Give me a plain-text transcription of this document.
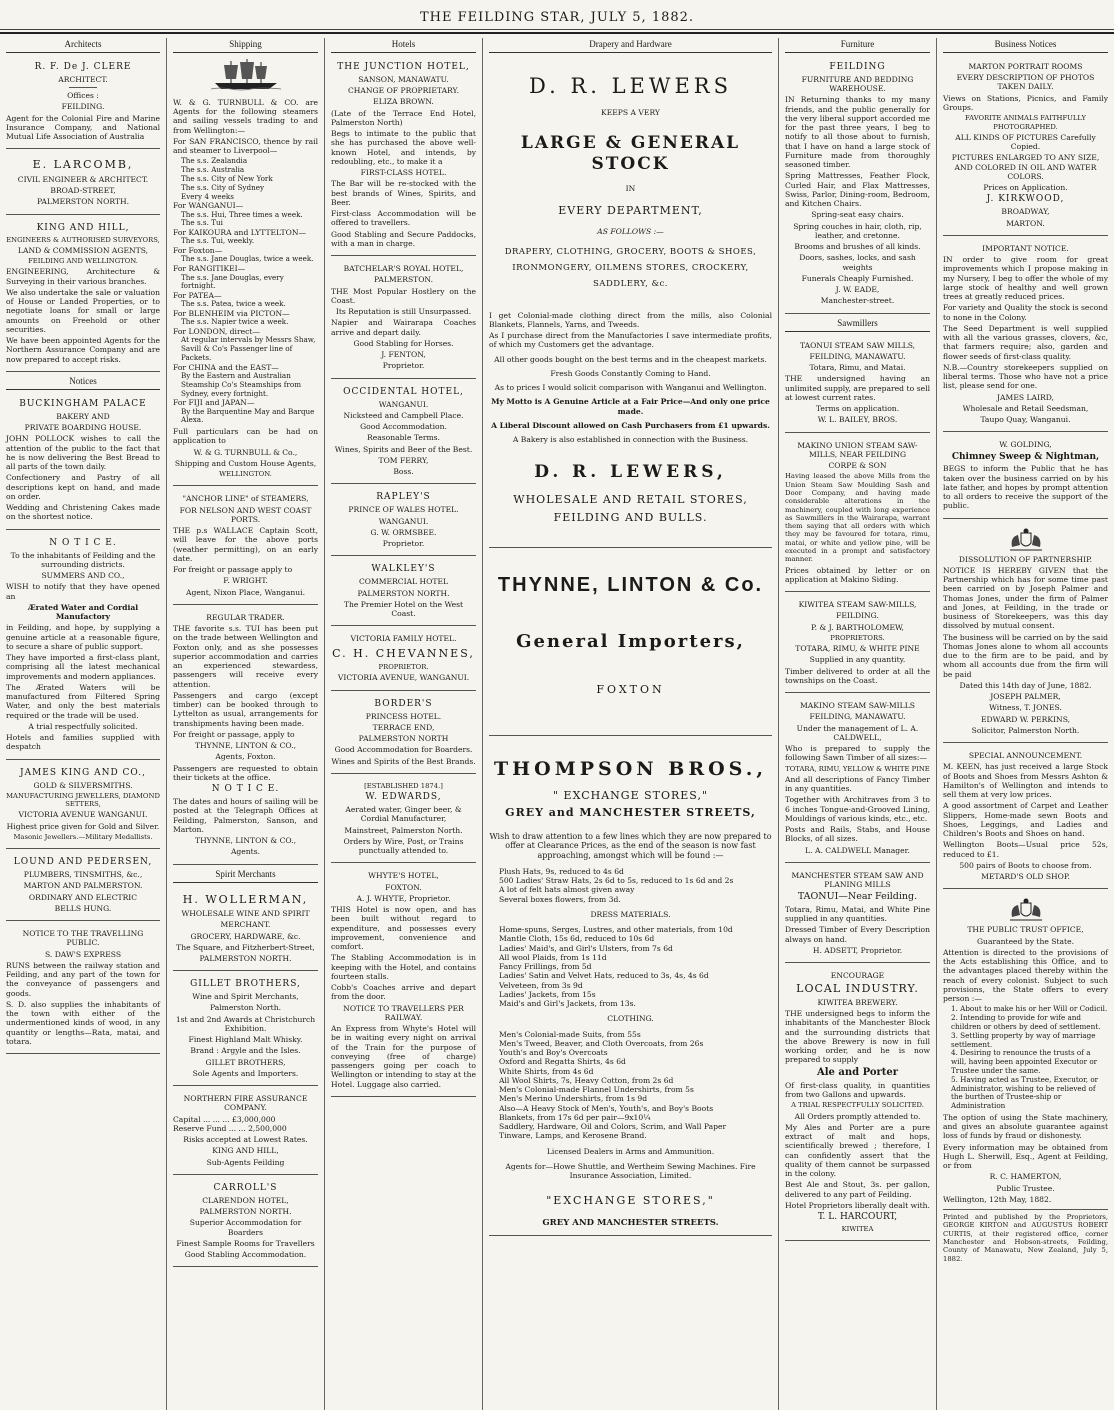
THE FEILDING STAR, JULY 5, 1882.
Architects
R. F. De J. CLERE
ARCHITECT.
Offices :
FEILDING.

Agent for the Colonial Fire and Marine Insurance Company, and National Mutual Life Association of Australia

E. LARCOMB,
CIVIL ENGINEER & ARCHITECT.
BROAD-STREET,
PALMERSTON NORTH.
KING AND HILL,
ENGINEERS & AUTHORISED SURVEYORS,
LAND & COMMISSION AGENTS,
FEILDING AND WELLINGTON.

ENGINEERING, Architecture & Surveying in their various branches.

We also undertake the sale or valuation of House or Landed Properties, or to negotiate loans for small or large amounts on Freehold or other securities.

We have been appointed Agents for the Northern Assurance Company and are now prepared to accept risks.

Notices
BUCKINGHAM PALACE
BAKERY AND
PRIVATE BOARDING HOUSE.

JOHN POLLOCK wishes to call the attention of the public to the fact that he is now delivering the Best Bread to all parts of the town daily.

Confectionery and Pastry of all descriptions kept on hand, and made on order.

Wedding and Christening Cakes made on the shortest notice.

N O T I C E.
To the inhabitants of Feilding and the surrounding districts.
SUMMERS AND CO.,

WISH to notify that they have opened an

Ærated Water and Cordial Manufactory

in Feilding, and hope, by supplying a genuine article at a reasonable figure, to secure a share of public support.

They have imported a first-class plant, comprising all the latest mechanical improvements and modern appliances.

The Ærated Waters will be manufactured from Filtered Spring Water, and only the best materials required or the trade will be used.

A trial respectfully solicited.

Hotels and families supplied with despatch

JAMES KING AND CO.,
GOLD & SILVERSMITHS.
MANUFACTURING JEWELLERS, DIAMOND SETTERS,
VICTORIA AVENUE WANGANUI.
Highest price given for Gold and Silver.
Masonic Jewellers.—Military Medallists.
LOUND AND PEDERSEN,
PLUMBERS, TINSMITHS, &c.,
MARTON AND PALMERSTON.
ORDINARY AND ELECTRIC
BELLS HUNG.
NOTICE TO THE TRAVELLING PUBLIC.
S. DAW'S EXPRESS

RUNS between the railway station and Feilding, and any part of the town for the conveyance of passengers and goods.

S. D. also supplies the inhabitants of the town with either of the undermentioned kinds of wood, in any quantity or lengths—Rata, matai, and totara.

Shipping

W. & G. TURNBULL & CO. are Agents for the following steamers and sailing vessels trading to and from Wellington:—

For SAN FRANCISCO, thence by rail and steamer to Liverpool—

The s.s. Zealandia
The s.s. Australia
The s.s. City of New York
The s.s. City of Sydney
Every 4 weeks
For WANGANUI—
The s.s. Hui, Three times a week.
The s.s. Tui
For KAIKOURA and LYTTELTON—
The s.s. Tui, weekly.
For Foxton—
The s.s. Jane Douglas, twice a week.
For RANGITIKEI—
The s.s. Jane Douglas, every fortnight.
For PATEA—
The s.s. Patea, twice a week.
For BLENHEIM via PICTON—
The s.s. Napier twice a week.
For LONDON, direct—
At regular intervals by Messrs Shaw, Savill & Co's Passenger line of Packets.
For CHINA and the EAST—
By the Eastern and Australian Steamship Co's Steamships from Sydney, every fortnight.
For FIJI and JAPAN—
By the Barquentine May and Barque Alexa.

Full particulars can be had on application to

W. & G. TURNBULL & Co.,
Shipping and Custom House Agents,
WELLINGTON.
"ANCHOR LINE" of STEAMERS,
FOR NELSON AND WEST COAST PORTS.

THE p.s WALLACE Captain Scott, will leave for the above ports (weather permitting), on an early date.

For freight or passage apply to

F. WRIGHT.
Agent, Nixon Place, Wanganui.
REGULAR TRADER.

THE favorite s.s. TUI has been put on the trade between Wellington and Foxton only, and as she possesses superior accommodation and carries an experienced stewardess, passengers will receive every attention.

Passengers and cargo (except timber) can be booked through to Lyttelton as usual, arrangements for transhipments having been made.

For freight or passage, apply to

THYNNE, LINTON & CO.,
Agents, Foxton.

Passengers are requested to obtain their tickets at the office.

N O T I C E.

The dates and hours of sailing will be posted at the Telegraph Offices at Feilding, Palmerston, Sanson, and Marton.

THYNNE, LINTON & CO.,
Agents.
Spirit Merchants
H. WOLLERMAN,
WHOLESALE WINE AND SPIRIT
MERCHANT.
GROCERY, HARDWARE, &c.
The Square, and Fitzherbert-Street,
PALMERSTON NORTH.
GILLET BROTHERS,
Wine and Spirit Merchants,
Palmerston North.
1st and 2nd Awards at Christchurch Exhibition.
Finest Highland Malt Whisky.
Brand : Argyle and the Isles.
GILLET BROTHERS,
Sole Agents and Importers.
NORTHERN FIRE ASSURANCE COMPANY.
Capital ... ... ... £3,000,000
Reserve Fund ... ... 2,500,000
Risks accepted at Lowest Rates.
KING AND HILL,
Sub-Agents Feilding
CARROLL'S
CLARENDON HOTEL,
PALMERSTON NORTH.
Superior Accommodation for Boarders
Finest Sample Rooms for Travellers
Good Stabling Accommodation.
Hotels
THE JUNCTION HOTEL,
SANSON, MANAWATU.
CHANGE OF PROPRIETARY.
ELIZA BROWN.

(Late of the Terrace End Hotel, Palmerston North)

Begs to intimate to the public that she has purchased the above well-known Hotel, and intends, by redoubling, etc., to make it a

FIRST-CLASS HOTEL.

The Bar will be re-stocked with the best brands of Wines, Spirits, and Beer.

First-class Accommodation will be offered to travellers.

Good Stabling and Secure Paddocks, with a man in charge.

BATCHELAR'S ROYAL HOTEL,
PALMERSTON.

THE Most Popular Hostlery on the Coast.

Its Reputation is still Unsurpassed.

Napier and Wairarapa Coaches arrive and depart daily.

Good Stabling for Horses.
J. FENTON,
Proprietor.
OCCIDENTAL HOTEL,
WANGANUI.
Nicksteed and Campbell Place.
Good Accommodation.
Reasonable Terms.
Wines, Spirits and Beer of the Best.
TOM FERRY,
Boss.
RAPLEY'S
PRINCE OF WALES HOTEL.
WANGANUI.
G. W. ORMSBEE.
Proprietor.
WALKLEY'S
COMMERCIAL HOTEL
PALMERSTON NORTH.
The Premier Hotel on the West Coast.
VICTORIA FAMILY HOTEL.
C. H. CHEVANNES,
PROPRIETOR.
VICTORIA AVENUE, WANGANUI.
BORDER'S
PRINCESS HOTEL.
TERRACE END,
PALMERSTON NORTH
Good Accommodation for Boarders.
Wines and Spirits of the Best Brands.
[ESTABLISHED 1874.]
W. EDWARDS,
Aerated water, Ginger beer, & Cordial Manufacturer,
Mainstreet, Palmerston North.
Orders by Wire, Post, or Trains punctually attended to.
WHYTE'S HOTEL,
FOXTON.
A. J. WHYTE, Proprietor.

THIS Hotel is now open, and has been built without regard to expenditure, and possesses every improvement, convenience and comfort.

The Stabling Accommodation is in keeping with the Hotel, and contains fourteen stalls.

Cobb's Coaches arrive and depart from the door.

NOTICE TO TRAVELLERS PER RAILWAY.

An Express from Whyte's Hotel will be in waiting every night on arrival of the Train for the purpose of conveying (free of charge) passengers going per coach to Wellington or intending to stay at the Hotel. Luggage also carried.

Drapery and Hardware
D. R. LEWERS
KEEPS A VERY
LARGE & GENERAL STOCK
IN
EVERY DEPARTMENT,
AS FOLLOWS :—
DRAPERY, CLOTHING, GROCERY, BOOTS & SHOES, IRONMONGERY, OILMENS STORES, CROCKERY, SADDLERY, &c.

I get Colonial-made clothing direct from the mills, also Colonial Blankets, Flannels, Yarns, and Tweeds.

As I purchase direct from the Manufactories I save intermediate profits, of which my Customers get the advantage.

All other goods bought on the best terms and in the cheapest markets.
Fresh Goods Constantly Coming to Hand.
As to prices I would solicit comparison with Wanganui and Wellington.
My Motto is A Genuine Article at a Fair Price—And only one price made.
A Liberal Discount allowed on Cash Purchasers from £1 upwards.
A Bakery is also established in connection with the Business.
D. R. LEWERS,
WHOLESALE AND RETAIL STORES,
FEILDING AND BULLS.
THYNNE, LINTON & Co.
General Importers,
FOXTON
THOMPSON BROS.,
" EXCHANGE STORES,"
GREY and MANCHESTER STREETS,

Wish to draw attention to a few lines which they are now prepared to offer at Clearance Prices, as the end of the season is now fast approaching, amongst which will be found :—

Plush Hats, 9s, reduced to 4s 6d
500 Ladies' Straw Hats, 2s 6d to 5s, reduced to 1s 6d and 2s
A lot of felt hats almost given away
Several boxes flowers, from 3d.
DRESS MATERIALS.
Home-spuns, Serges, Lustres, and other materials, from 10d
Mantle Cloth, 15s 6d, reduced to 10s 6d
Ladies' Maid's, and Girl's Ulsters, from 7s 6d
All wool Plaids, from 1s 11d
Fancy Frillings, from 5d
Ladies' Satin and Velvet Hats, reduced to 3s, 4s, 4s 6d
Velveteen, from 3s 9d
Ladies' Jackets, from 15s
Maid's and Girl's Jackets, from 13s.
CLOTHING.
Men's Colonial-made Suits, from 55s
Men's Tweed, Beaver, and Cloth Overcoats, from 26s
Youth's and Boy's Overcoats
Oxford and Regatta Shirts, 4s 6d
White Shirts, from 4s 6d
All Wool Shirts, 7s, Heavy Cotton, from 2s 6d
Men's Colonial-made Flannel Undershirts, from 5s
Men's Merino Undershirts, from 1s 9d
Also—A Heavy Stock of Men's, Youth's, and Boy's Boots
Blankets, from 17s 6d per pair—9x10¼
Saddlery, Hardware, Oil and Colors, Scrim, and Wall Paper
Tinware, Lamps, and Kerosene Brand.
Licensed Dealers in Arms and Ammunition.

Agents for—Howe Shuttle, and Wertheim Sewing Machines. Fire Insurance Association, Limited.

"EXCHANGE STORES,"
GREY AND MANCHESTER STREETS.
Furniture
FEILDING
FURNITURE AND BEDDING WAREHOUSE.

IN Returning thanks to my many friends, and the public generally for the very liberal support accorded me for the past three years, I beg to notify to all those about to furnish, that I have on hand a large stock of Furniture made from thoroughly seasoned timber.

Spring Mattresses, Feather Flock, Curled Hair, and Flax Mattresses, Swiss, Parlor, Dining-room, Bedroom, and Kitchen Chairs.

Spring-seat easy chairs.
Spring couches in hair, cloth, rip, leather, and cretonne.
Brooms and brushes of all kinds.
Doors, sashes, locks, and sash weights
Funerals Cheaply Furnished.
J. W. EADE,
Manchester-street.
Sawmillers
TAONUI STEAM SAW MILLS,
FEILDING, MANAWATU.
Totara, Rimu, and Matai.

THE undersigned having an unlimited supply, are prepared to sell at lowest current rates.

Terms on application.
W. L. BAILEY, BROS.
MAKINO UNION STEAM SAW-MILLS, NEAR FEILDING
CORPE & SON

Having leased the above Mills from the Union Steam Saw Moulding Sash and Door Company, and having made considerable alterations in the machinery, coupled with long experience as Sawmillers in the Wairarapa, warrant them saying that all orders with which they may be favoured for totara, rimu, matai, or white and yellow pine, will be executed in a prompt and satisfactory manner.

Prices obtained by letter or on application at Makino Siding.

KIWITEA STEAM SAW-MILLS,
FEILDING.
P. & J. BARTHOLOMEW,
PROPRIETORS.
TOTARA, RIMU, & WHITE PINE
Supplied in any quantity.

Timber delivered to order at all the townships on the Coast.

MAKINO STEAM SAW-MILLS
FEILDING, MANAWATU.
Under the management of L. A. CALDWELL,

Who is prepared to supply the following Sawn Timber of all sizes:—

TOTARA, RIMU, YELLOW & WHITE PINE

And all descriptions of Fancy Timber in any quantities.

Together with Architraves from 3 to 6 inches Tongue-and-Grooved Lining, Mouldings of various kinds, etc., etc.

Posts and Rails, Stabs, and House Blocks, of all sizes.

L. A. CALDWELL Manager.
MANCHESTER STEAM SAW AND PLANING MILLS
TAONUI—Near Feilding.

Totara, Rimu, Matai, and White Pine supplied in any quantities.

Dressed Timber of Every Description always on hand.

H. ADSETT, Proprietor.
ENCOURAGE
LOCAL INDUSTRY.
KIWITEA BREWERY.

THE undersigned begs to inform the inhabitants of the Manchester Block and the surrounding districts that the above Brewery is now in full working order, and he is now prepared to supply

Ale and Porter

Of first-class quality, in quantities from two Gallons and upwards.

A TRIAL RESPECTFULLY SOLICITED.
All Orders promptly attended to.

My Ales and Porter are a pure extract of malt and hops, scientifically brewed ; therefore, I can confidently assert that the quality of them cannot be surpassed in the colony.

Best Ale and Stout, 3s. per gallon, delivered to any part of Feilding.

Hotel Proprietors liberally dealt with.
T. L. HARCOURT,
KIWITEA
Business Notices
MARTON PORTRAIT ROOMS
EVERY DESCRIPTION OF PHOTOS TAKEN DAILY.

Views on Stations, Picnics, and Family Groups.

FAVORITE ANIMALS FAITHFULLY PHOTOGRAPHED.
ALL KINDS OF PICTURES Carefully Copied.
PICTURES ENLARGED TO ANY SIZE, AND COLORED IN OIL AND WATER COLORS.
Prices on Application.
J. KIRKWOOD,
BROADWAY,
MARTON.
IMPORTANT NOTICE.

IN order to give room for great improvements which I propose making in my Nursery, I beg to offer the whole of my large stock of healthy and well grown trees at greatly reduced prices.

For variety and Quality the stock is second to none in the Colony.

The Seed Department is well supplied with all the various grasses, clovers, &c, that farmers require; also, garden and flower seeds of first-class quality.

N.B.—Country storekeepers supplied on liberal terms. Those who have not a price list, please send for one.

JAMES LAIRD,
Wholesale and Retail Seedsman,
Taupo Quay, Wanganui.
W. GOLDING,
Chimney Sweep & Nightman,

BEGS to inform the Public that he has taken over the business carried on by his late father, and hopes by prompt attention to all orders to receive the support of the public.

DISSOLUTION OF PARTNERSHIP.

NOTICE IS HEREBY GIVEN that the Partnership which has for some time past been carried on by Joseph Palmer and Thomas Jones, under the firm of Palmer and Jones, at Feilding, in the trade or business of Storekeepers, was this day dissolved by mutual consent.

The business will be carried on by the said Thomas Jones alone to whom all accounts due to the firm are to be paid, and by whom all accounts due from the firm will be paid

Dated this 14th day of June, 1882.
JOSEPH PALMER,
Witness, T. JONES.
EDWARD W. PERKINS,
Solicitor, Palmerston North.
SPECIAL ANNOUNCEMENT.

M. KEEN, has just received a large Stock of Boots and Shoes from Messrs Ashton & Hamilton's of Wellington and intends to sell them at very low prices.

A good assortment of Carpet and Leather Slippers, Home-made sewn Boots and Shoes, Leggings, and Ladies and Children's Boots and Shoes on hand.

Wellington Boots—Usual price 52s, reduced to £1.

500 pairs of Boots to choose from.
METARD'S OLD SHOP.
THE PUBLIC TRUST OFFICE,
Guaranteed by the State.

Attention is directed to the provisions of the Acts establishing this Office, and to the advantages placed thereby within the reach of every colonist. Subject to such provisions, the State offers to every person :—

1. About to make his or her Will or Codicil.
2. Intending to provide for wife and children or others by deed of settlement.
3. Settling property by way of marriage settlement.
4. Desiring to renounce the trusts of a will, having been appointed Executor or Trustee under the same.
5. Having acted as Trustee, Executor, or Administrator, wishing to be relieved of the burthen of Trustee-ship or Administration

The option of using the State machinery, and gives an absolute guarantee against loss of funds by fraud or dishonesty.

Every information may be obtained from Hugh L. Sherwill, Esq., Agent at Feilding, or from

R. C. HAMERTON,
Public Trustee.
Wellington, 12th May, 1882.

Printed and published by the Proprietors, GEORGE KIRTON and AUGUSTUS ROBERT CURTIS, at their registered office, corner Manchester and Hobson-streets, Feilding, County of Manawatu, New Zealand, July 5, 1882.
